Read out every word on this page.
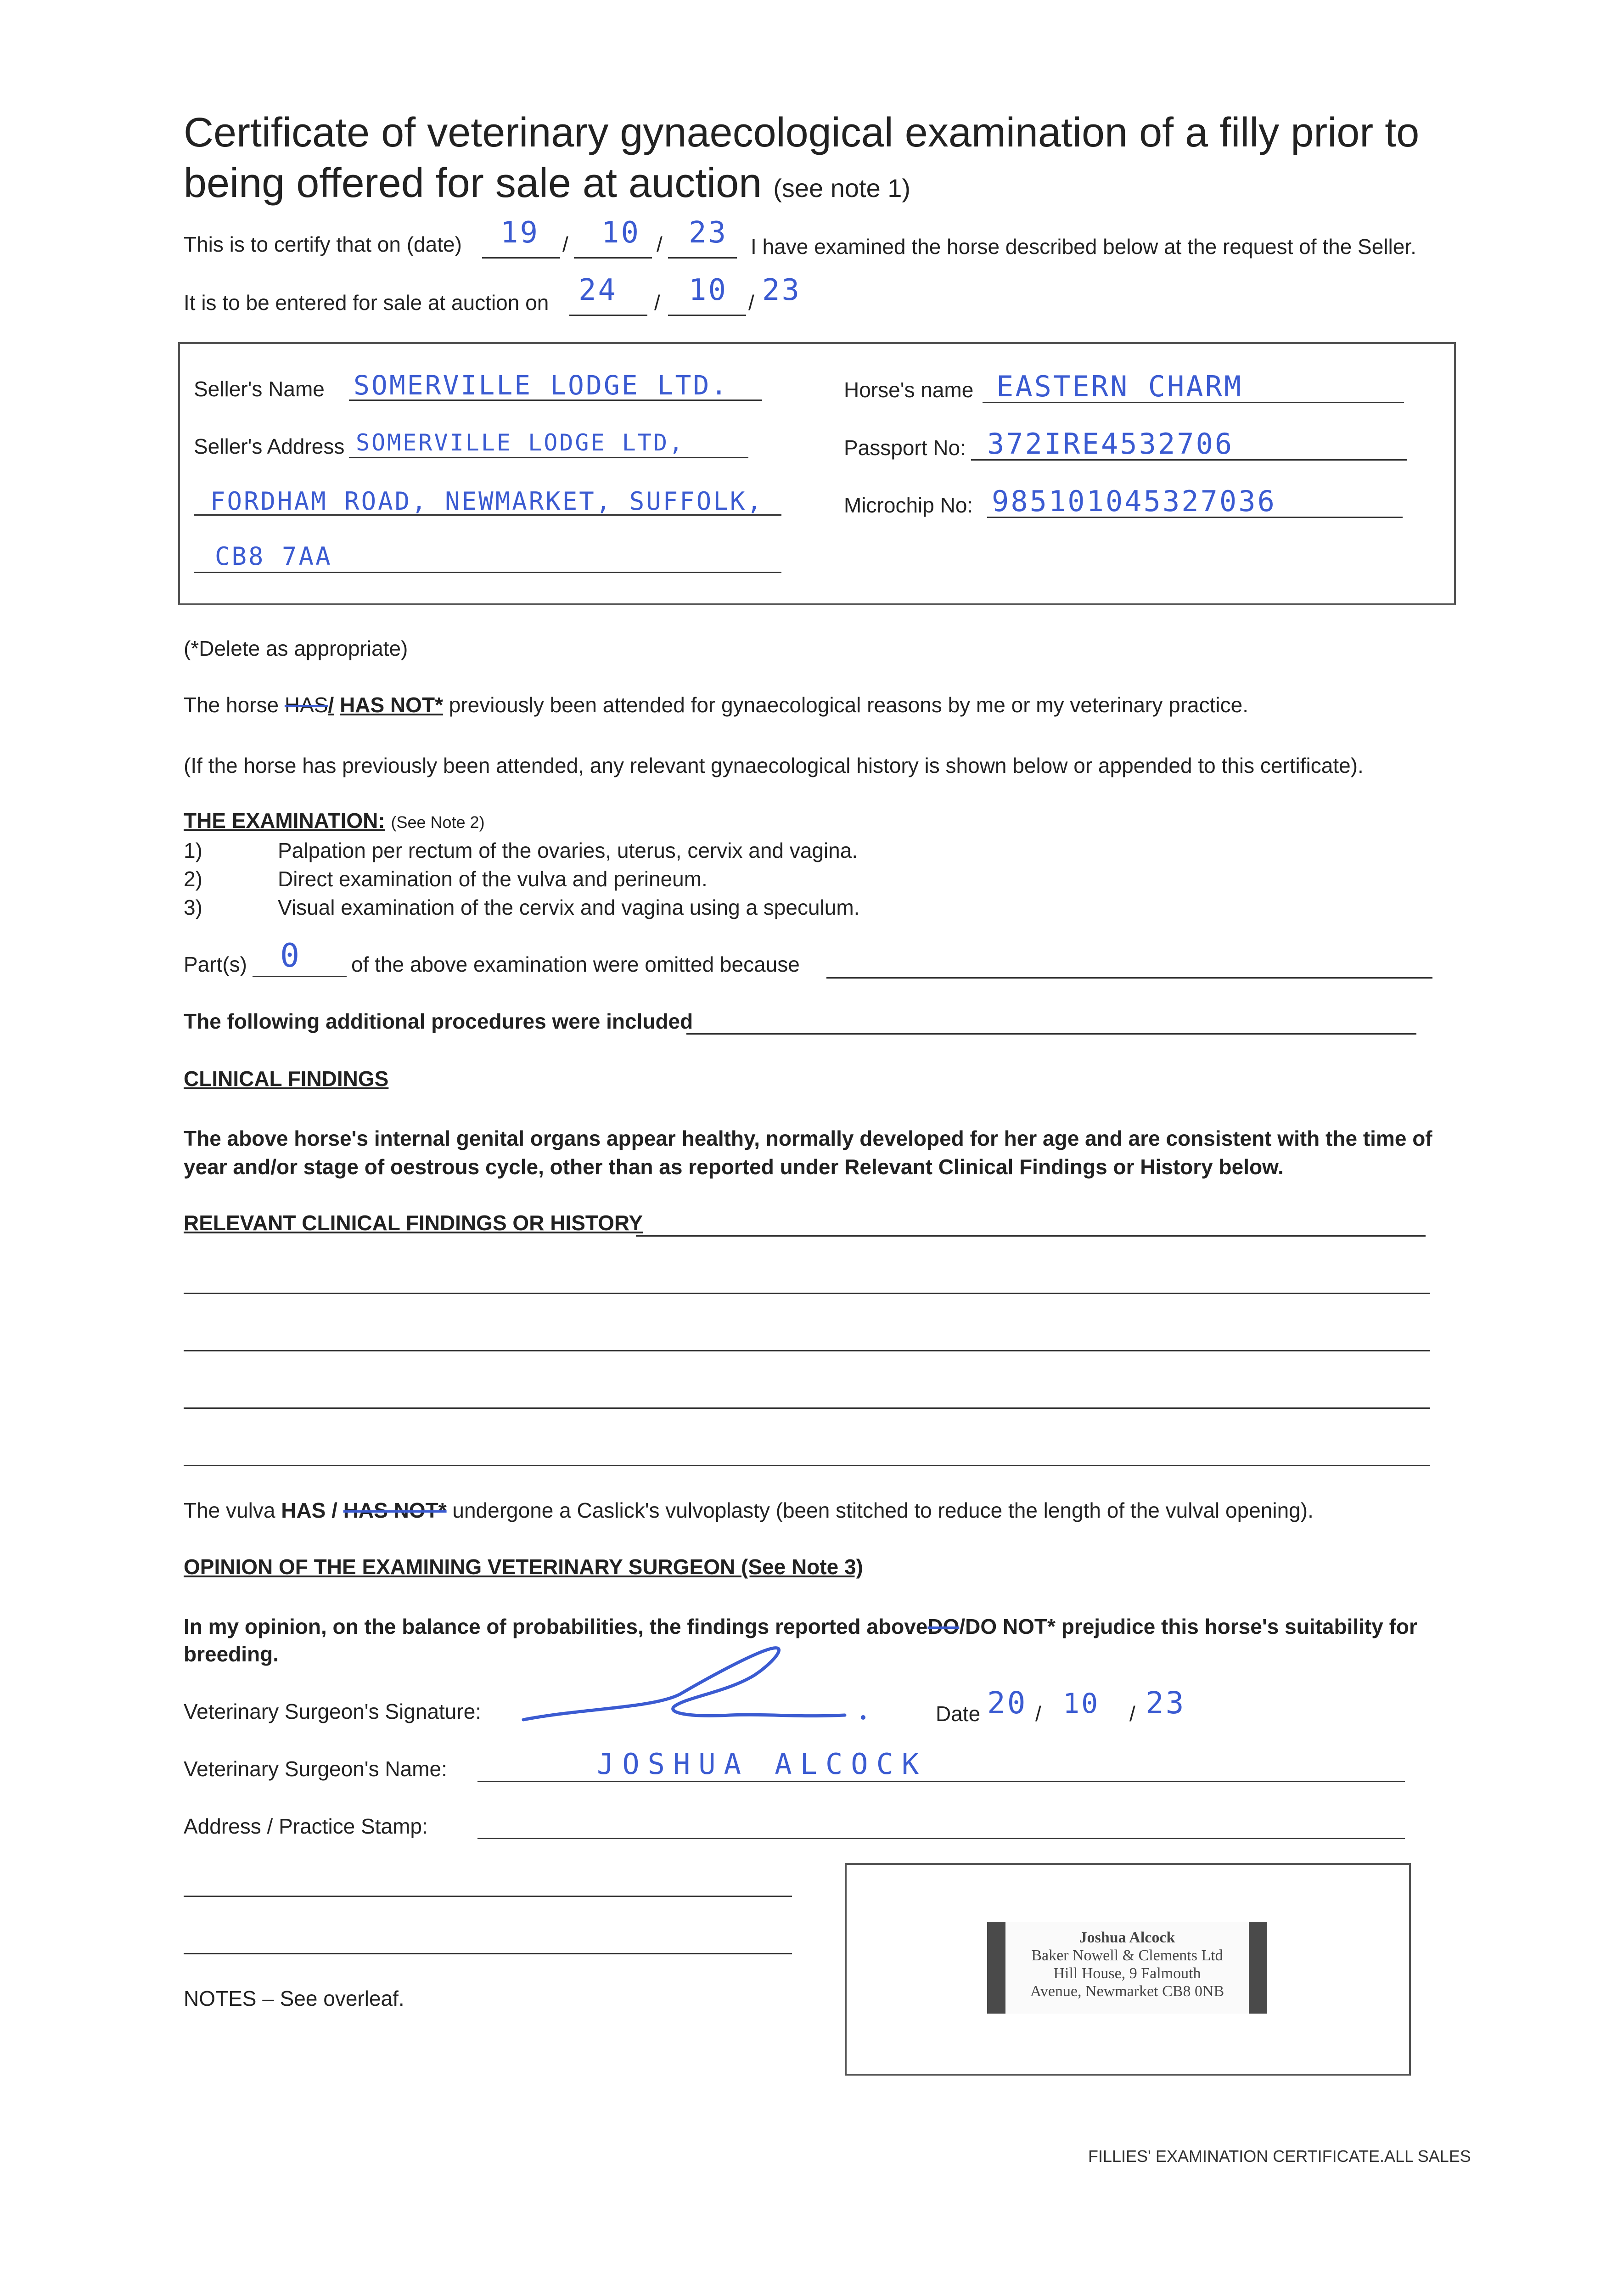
Certificate of veterinary gynaecological examination of a filly prior to being offered for sale at auction (see note 1)
This is to certify that on (date) 19 / 10 / 23 I have examined the horse described below at the request of the Seller.
It is to be entered for sale at auction on 24 / 10 / 23
Seller's Name SOMERVILLE LODGE LTD.
Seller's Address SOMERVILLE LODGE LTD,
FORDHAM ROAD, NEWMARKET, SUFFOLK,
CB8 7AA
Horse's name EASTERN CHARM
Passport No: 372IRE4532706
Microchip No: 985101045327036
(*Delete as appropriate)
The horse HAS/ HAS NOT* previously been attended for gynaecological reasons by me or my veterinary practice.
(If the horse has previously been attended, any relevant gynaecological history is shown below or appended to this certificate).
THE EXAMINATION: (See Note 2)
1)	Palpation per rectum of the ovaries, uterus, cervix and vagina.
2)	Direct examination of the vulva and perineum.
3)	Visual examination of the cervix and vagina using a speculum.
Part(s) 0 of the above examination were omitted because
The following additional procedures were included
CLINICAL FINDINGS
The above horse's internal genital organs appear healthy, normally developed for her age and are consistent with the time of year and/or stage of oestrous cycle, other than as reported under Relevant Clinical Findings or History below.
RELEVANT CLINICAL FINDINGS OR HISTORY
The vulva HAS / HAS NOT* undergone a Caslick's vulvoplasty (been stitched to reduce the length of the vulval opening).
OPINION OF THE EXAMINING VETERINARY SURGEON (See Note 3)
In my opinion, on the balance of probabilities, the findings reported aboveDO/DO NOT* prejudice this horse's suitability for
breeding.
Veterinary Surgeon's Signature:	Date 20 / 10 / 23
Veterinary Surgeon's Name:	JOSHUA ALCOCK
Address / Practice Stamp:
Joshua Alcock
Baker Nowell & Clements Ltd
Hill House, 9 Falmouth
Avenue, Newmarket CB8 0NB
NOTES – See overleaf.
FILLIES' EXAMINATION CERTIFICATE.ALL SALES
